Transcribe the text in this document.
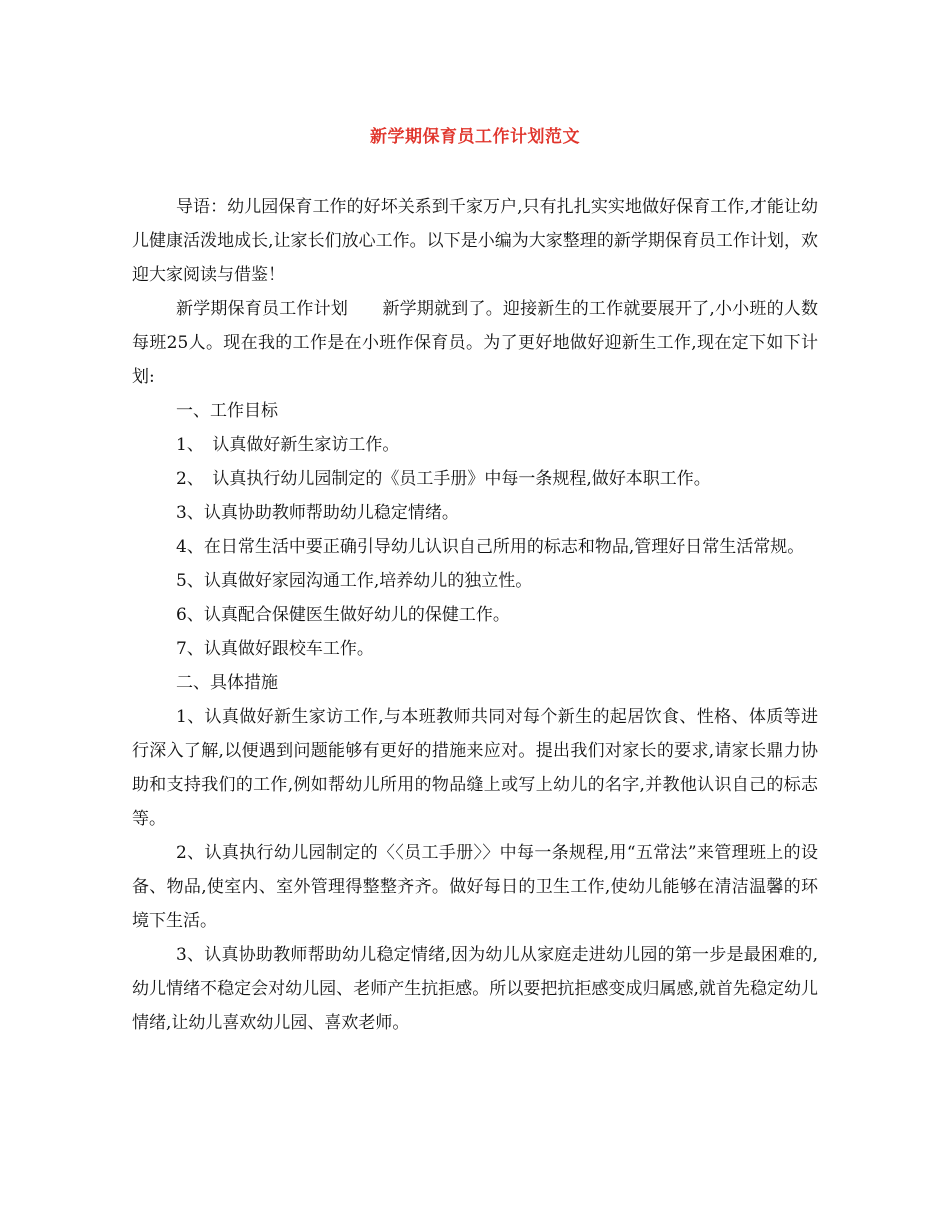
新学期保育员工作计划范文

导语：幼儿园保育工作的好坏关系到千家万户,只有扎扎实实地做好保育工作,才能让幼儿健康活泼地成长,让家长们放心工作。以下是小编为大家整理的新学期保育员工作计划，欢迎大家阅读与借鉴！

新学期保育员工作计划　　新学期就到了。迎接新生的工作就要展开了,小小班的人数每班25人。现在我的工作是在小班作保育员。为了更好地做好迎新生工作,现在定下如下计划:

一、工作目标

1、　认真做好新生家访工作。

2、　认真执行幼儿园制定的《员工手册》中每一条规程,做好本职工作。

3、认真协助教师帮助幼儿稳定情绪。

4、在日常生活中要正确引导幼儿认识自己所用的标志和物品,管理好日常生活常规。

5、认真做好家园沟通工作,培养幼儿的独立性。

6、认真配合保健医生做好幼儿的保健工作。

7、认真做好跟校车工作。

二、具体措施

1、认真做好新生家访工作,与本班教师共同对每个新生的起居饮食、性格、体质等进行深入了解,以便遇到问题能够有更好的措施来应对。提出我们对家长的要求,请家长鼎力协助和支持我们的工作,例如帮幼儿所用的物品缝上或写上幼儿的名字,并教他认识自己的标志等。

2、认真执行幼儿园制定的〈〈员工手册〉〉中每一条规程,用“五常法”来管理班上的设备、物品,使室内、室外管理得整整齐齐。做好每日的卫生工作,使幼儿能够在清洁温馨的环境下生活。

3、认真协助教师帮助幼儿稳定情绪,因为幼儿从家庭走进幼儿园的第一步是最困难的,幼儿情绪不稳定会对幼儿园、老师产生抗拒感。所以要把抗拒感变成归属感,就首先稳定幼儿情绪,让幼儿喜欢幼儿园、喜欢老师。
